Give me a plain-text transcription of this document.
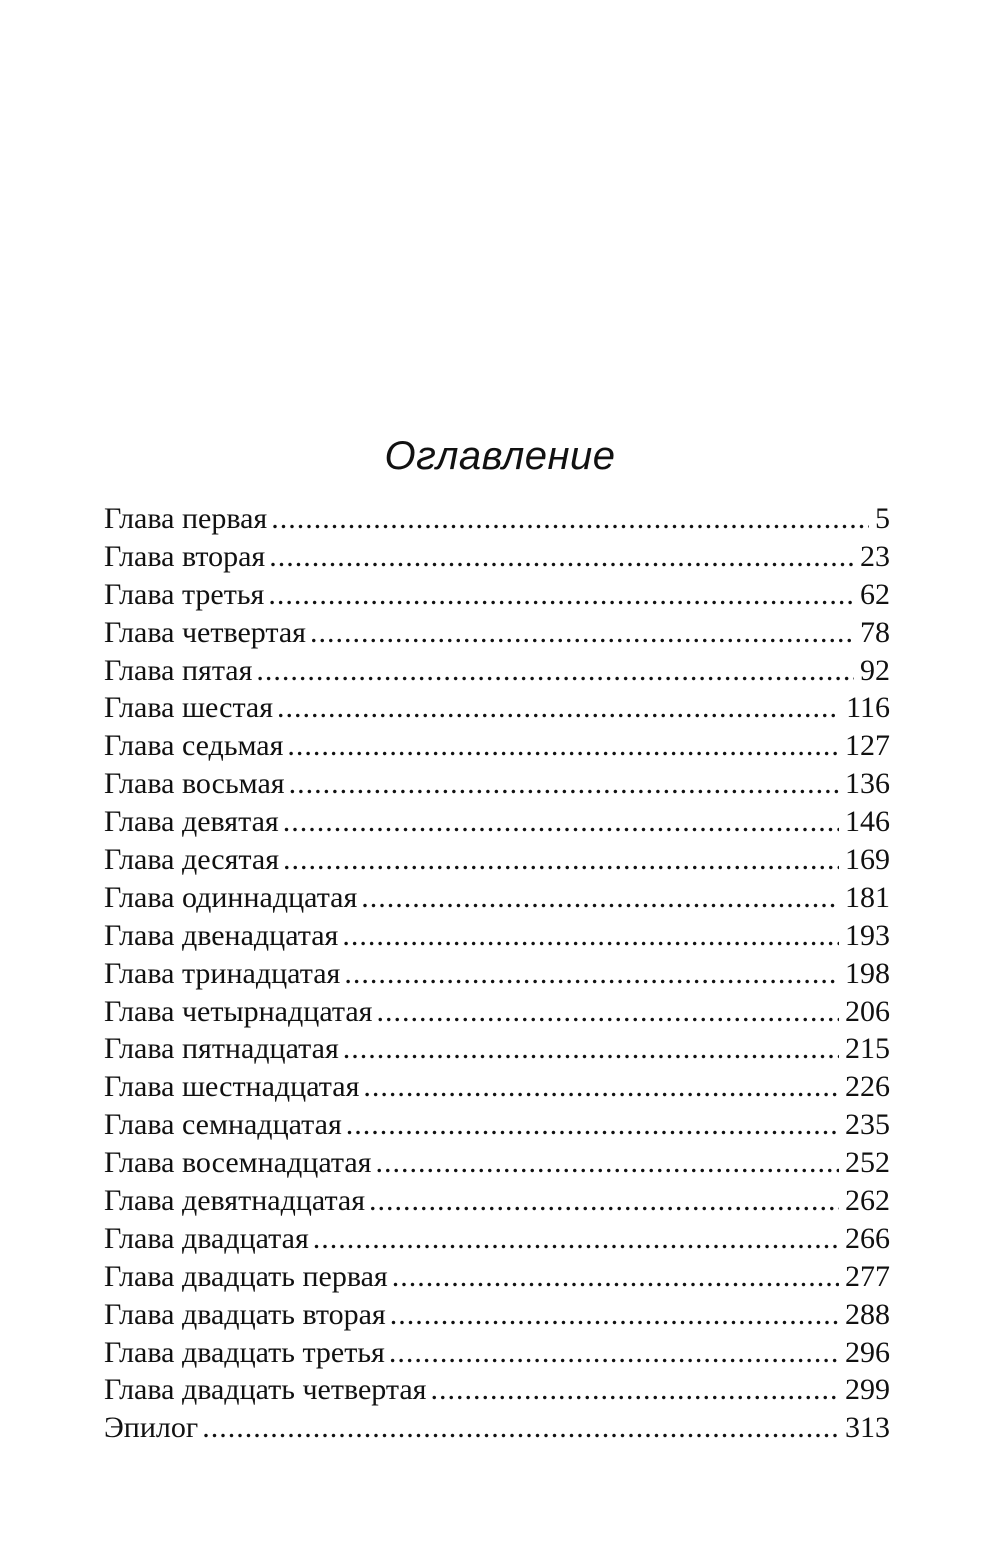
Оглавление
Глава первая .....	5
Глава вторая .....	23
Глава третья .....	62
Глава четвертая .....	78
Глава пятая .....	92
Глава шестая .....	116
Глава седьмая .....	127
Глава восьмая .....	136
Глава девятая .....	146
Глава десятая .....	169
Глава одиннадцатая .....	181
Глава двенадцатая .....	193
Глава тринадцатая .....	198
Глава четырнадцатая .....	206
Глава пятнадцатая .....	215
Глава шестнадцатая .....	226
Глава семнадцатая .....	235
Глава восемнадцатая .....	252
Глава девятнадцатая .....	262
Глава двадцатая .....	266
Глава двадцать первая .....	277
Глава двадцать вторая .....	288
Глава двадцать третья .....	296
Глава двадцать четвертая .....	299
Эпилог .....	313
